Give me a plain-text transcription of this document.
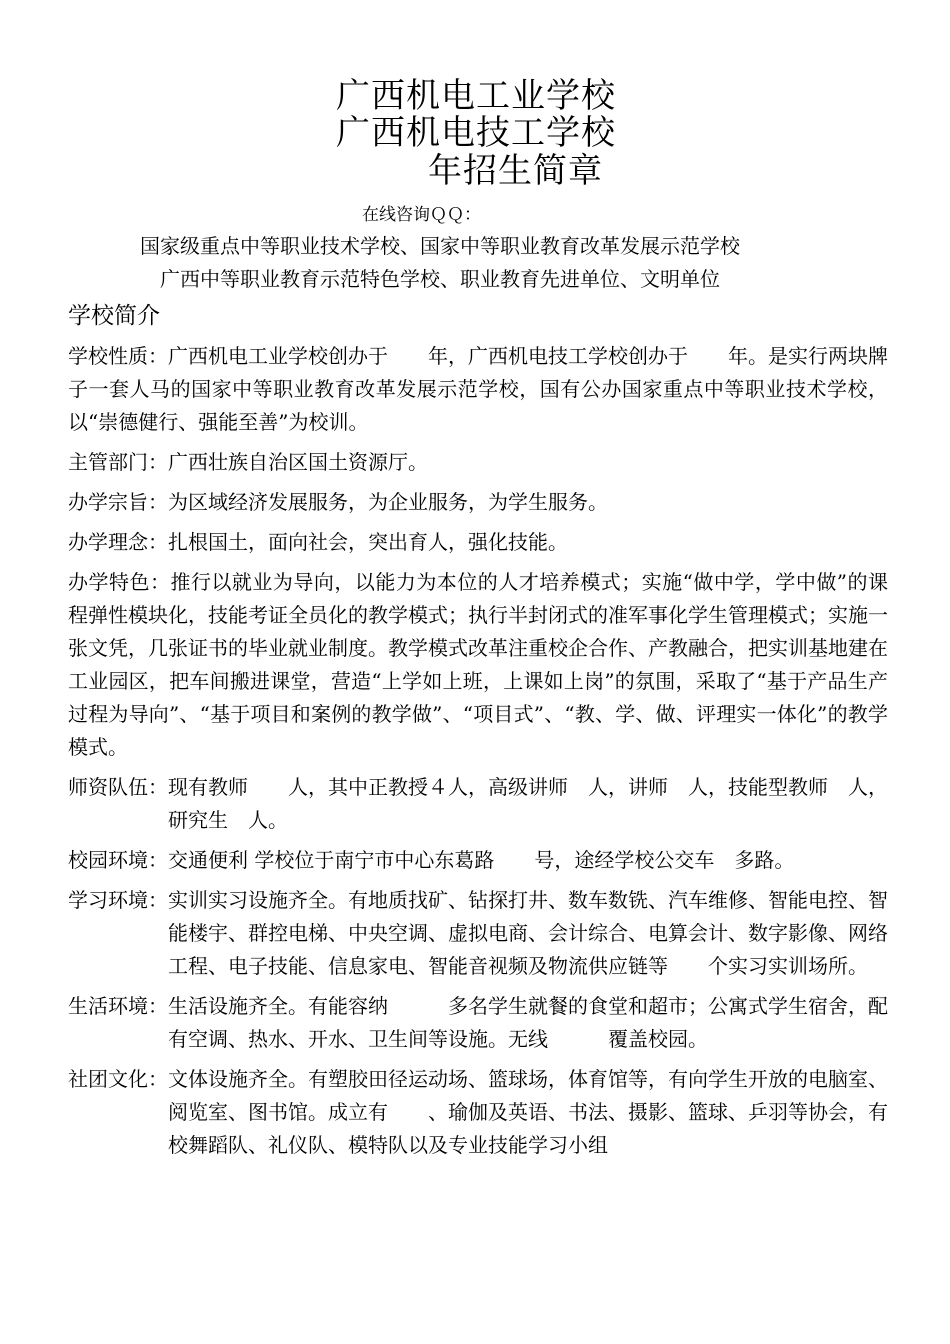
广西机电工业学校
广西机电技工学校
年招生简章
在线咨询ＱＱ：
国家级重点中等职业技术学校、国家中等职业教育改革发展示范学校
广西中等职业教育示范特色学校、职业教育先进单位、文明单位
学校简介

学校性质：广西机电工业学校创办于　　年，广西机电技工学校创办于　　年。是实行两块牌子一套人马的国家中等职业教育改革发展示范学校，国有公办国家重点中等职业技术学校，以“崇德健行、强能至善”为校训。

主管部门：广西壮族自治区国土资源厅。

办学宗旨：为区域经济发展服务，为企业服务，为学生服务。

办学理念：扎根国土，面向社会，突出育人，强化技能。

办学特色：推行以就业为导向，以能力为本位的人才培养模式；实施“做中学，学中做”的课程弹性模块化，技能考证全员化的教学模式；执行半封闭式的准军事化学生管理模式；实施一张文凭，几张证书的毕业就业制度。教学模式改革注重校企合作、产教融合，把实训基地建在工业园区，把车间搬进课堂，营造“上学如上班，上课如上岗”的氛围，采取了“基于产品生产过程为导向”、“基于项目和案例的教学做”、“项目式”、“教、学、做、评理实一体化”的教学模式。

师资队伍： 现有教师　　人，其中正教授４人，高级讲师　人，讲师　人，技能型教师　人，研究生　人。
校园环境： 交通便利 学校位于南宁市中心东葛路　　号，途经学校公交车　多路。
学习环境： 实训实习设施齐全。有地质找矿、钻探打井、数车数铣、汽车维修、智能电控、智能楼宇、群控电梯、中央空调、虚拟电商、会计综合、电算会计、数字影像、网络工程、电子技能、信息家电、智能音视频及物流供应链等　　个实习实训场所。
生活环境： 生活设施齐全。有能容纳　　　多名学生就餐的食堂和超市；公寓式学生宿舍，配有空调、热水、开水、卫生间等设施。无线　　　覆盖校园。
社团文化： 文体设施齐全。有塑胶田径运动场、篮球场，体育馆等，有向学生开放的电脑室、阅览室、图书馆。成立有　　、瑜伽及英语、书法、摄影、篮球、乒羽等协会，有校舞蹈队、礼仪队、模特队以及专业技能学习小组
